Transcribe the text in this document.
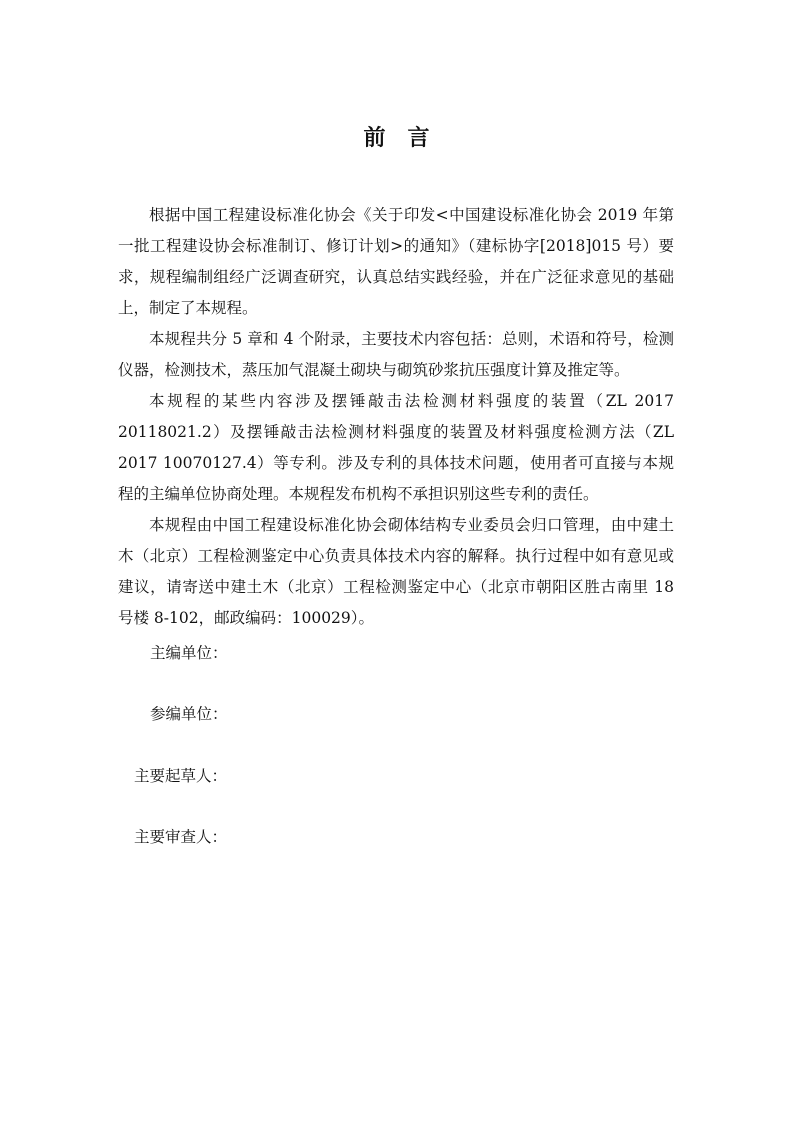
前言

根据中国工程建设标准化协会《关于印发<中国建设标准化协会 2019 年第一批工程建设协会标准制订、修订计划>的通知》（建标协字[2018]015 号）要求，规程编制组经广泛调查研究，认真总结实践经验，并在广泛征求意见的基础上，制定了本规程。

本规程共分 5 章和 4 个附录，主要技术内容包括：总则，术语和符号，检测仪器，检测技术，蒸压加气混凝土砌块与砌筑砂浆抗压强度计算及推定等。

本规程的某些内容涉及摆锤敲击法检测材料强度的装置（ZL 2017 20118021.2）及摆锤敲击法检测材料强度的装置及材料强度检测方法（ZL 2017 10070127.4）等专利。涉及专利的具体技术问题，使用者可直接与本规程的主编单位协商处理。本规程发布机构不承担识别这些专利的责任。

本规程由中国工程建设标准化协会砌体结构专业委员会归口管理，由中建土木（北京）工程检测鉴定中心负责具体技术内容的解释。执行过程中如有意见或建议，请寄送中建土木（北京）工程检测鉴定中心（北京市朝阳区胜古南里 18 号楼 8-102，邮政编码：100029）。

主编单位：
参编单位：
主要起草人：
主要审查人：
